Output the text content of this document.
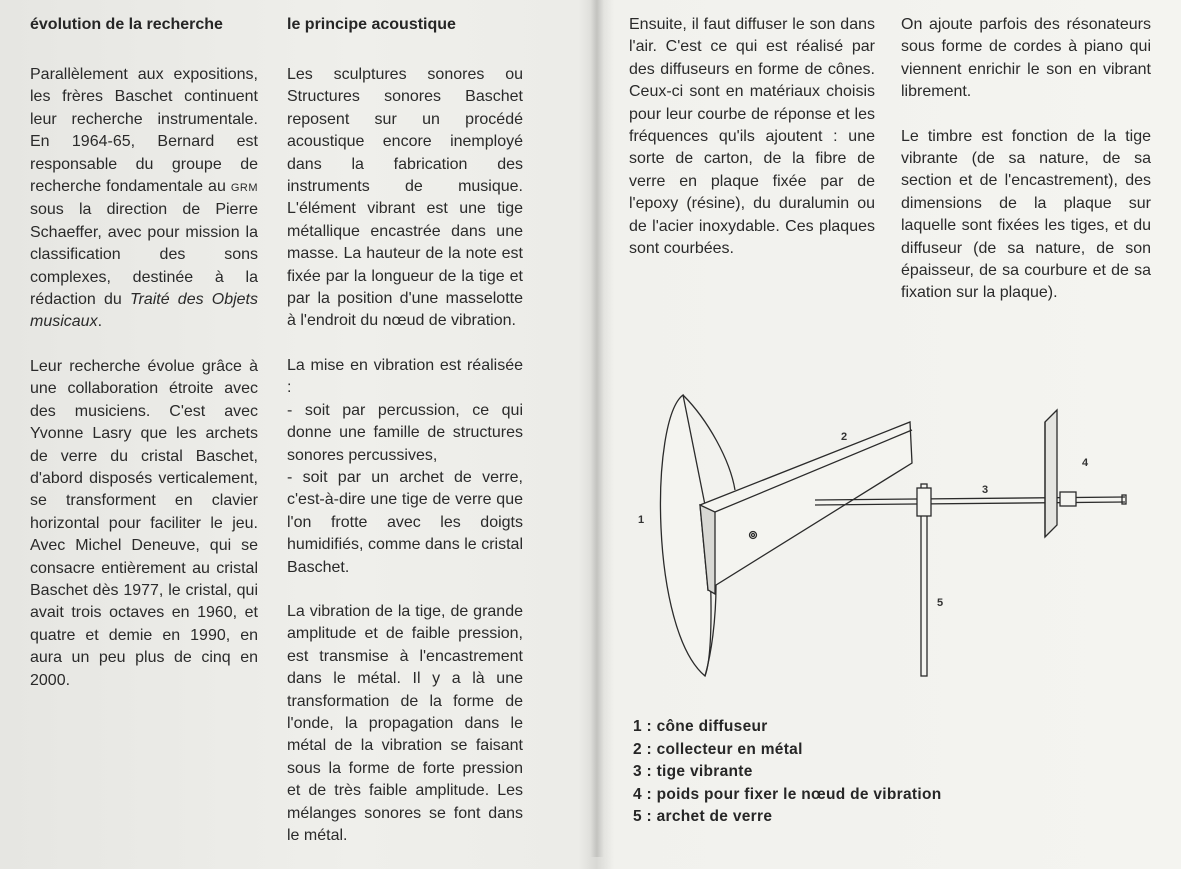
évolution de la recherche

Parallèlement aux expositions, les frères Baschet continuent leur recherche instrumentale. En 1964-65, Bernard est responsable du groupe de recherche fondamentale au GRM sous la direction de Pierre Schaeffer, avec pour mission la classification des sons complexes, destinée à la rédaction du Traité des Objets musicaux.

Leur recherche évolue grâce à une collaboration étroite avec des musiciens. C'est avec Yvonne Lasry que les archets de verre du cristal Baschet, d'abord disposés verticalement, se transforment en clavier horizontal pour faciliter le jeu. Avec Michel Deneuve, qui se consacre entièrement au cristal Baschet dès 1977, le cristal, qui avait trois octaves en 1960, et quatre et demie en 1990, en aura un peu plus de cinq en 2000.

le principe acoustique

Les sculptures sonores ou Structures sonores Baschet reposent sur un procédé acoustique encore inemployé dans la fabrication des instruments de musique. L'élément vibrant est une tige métallique encastrée dans une masse. La hauteur de la note est fixée par la longueur de la tige et par la position d'une masselotte à l'endroit du nœud de vibration.

La mise en vibration est réalisée :
- soit par percussion, ce qui donne une famille de structures sonores percussives,
- soit par un archet de verre, c'est-à-dire une tige de verre que l'on frotte avec les doigts humidifiés, comme dans le cristal Baschet.

La vibration de la tige, de grande amplitude et de faible pression, est transmise à l'encastrement dans le métal. Il y a là une transformation de la forme de l'onde, la propagation dans le métal de la vibration se faisant sous la forme de forte pression et de très faible amplitude. Les mélanges sonores se font dans le métal.

Ensuite, il faut diffuser le son dans l'air. C'est ce qui est réalisé par des diffuseurs en forme de cônes. Ceux-ci sont en matériaux choisis pour leur courbe de réponse et les fréquences qu'ils ajoutent : une sorte de carton, de la fibre de verre en plaque fixée par de l'epoxy (résine), du duralumin ou de l'acier inoxydable. Ces plaques sont courbées.

On ajoute parfois des résonateurs sous forme de cordes à piano qui viennent enrichir le son en vibrant librement.

Le timbre est fonction de la tige vibrante (de sa nature, de sa section et de l'encastrement), des dimensions de la plaque sur laquelle sont fixées les tiges, et du diffuseur (de sa nature, de son épaisseur, de sa courbure et de sa fixation sur la plaque).

1
2
3
4
5
1 : cône diffuseur
2 : collecteur en métal
3 : tige vibrante
4 : poids pour fixer le nœud de vibration
5 : archet de verre
